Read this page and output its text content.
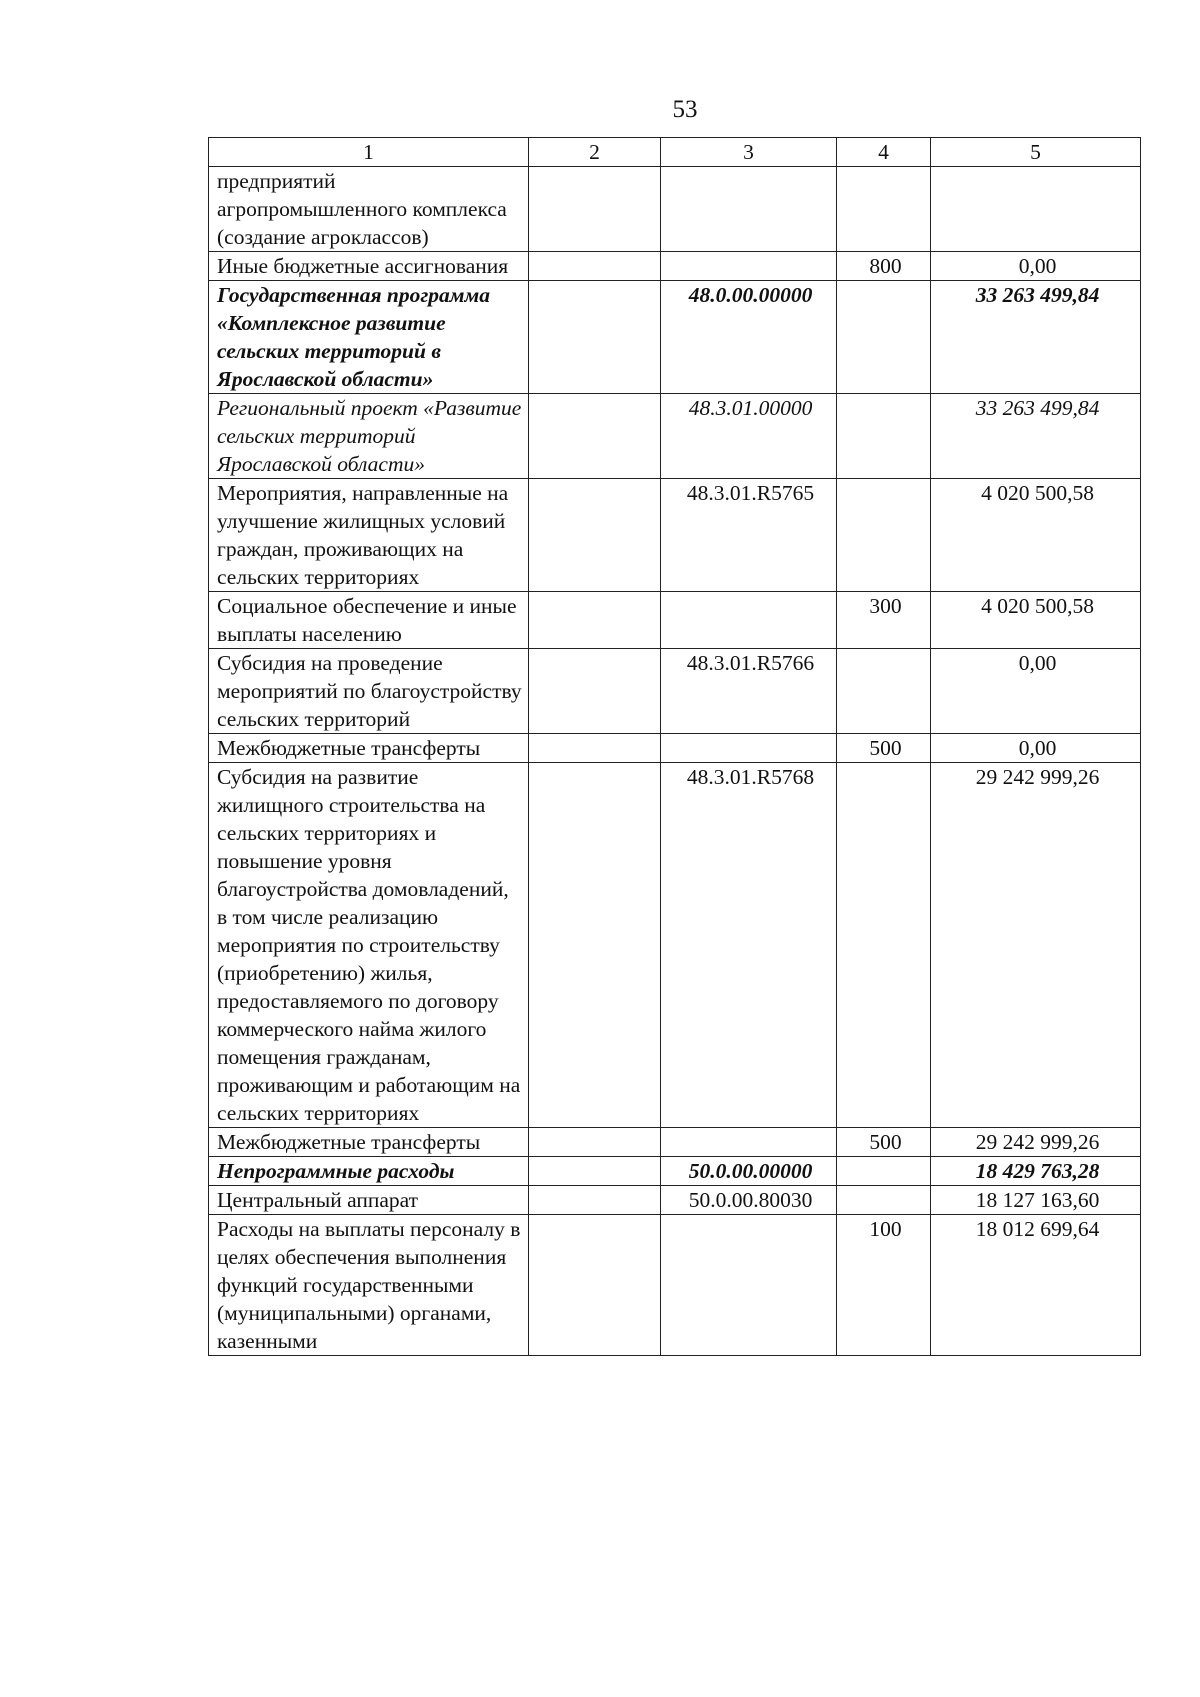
53
1	2	3	4	5
предприятий агропромышленного комплекса (создание агроклассов)				
Иные бюджетные ассигнования			800	0,00
Государственная программа «Комплексное развитие сельских территорий в Ярославской области»		48.0.00.00000		33 263 499,84
Региональный проект «Развитие сельских территорий Ярославской области»		48.3.01.00000		33 263 499,84
Мероприятия, направленные на улучшение жилищных условий граждан, проживающих на сельских территориях		48.3.01.R5765		4 020 500,58
Социальное обеспечение и иные выплаты населению			300	4 020 500,58
Субсидия на проведение мероприятий по благоустройству сельских территорий		48.3.01.R5766		0,00
Межбюджетные трансферты			500	0,00
Субсидия на развитие жилищного строительства на сельских территориях и повышение уровня благоустройства домовладений, в том числе реализацию мероприятия по строительству (приобретению) жилья, предоставляемого по договору коммерческого найма жилого помещения гражданам, проживающим и работающим на сельских территориях		48.3.01.R5768		29 242 999,26
Межбюджетные трансферты			500	29 242 999,26
Непрограммные расходы		50.0.00.00000		18 429 763,28
Центральный аппарат		50.0.00.80030		18 127 163,60
Расходы на выплаты персоналу в целях обеспечения выполнения функций государственными (муниципальными) органами, казенными			100	18 012 699,64
